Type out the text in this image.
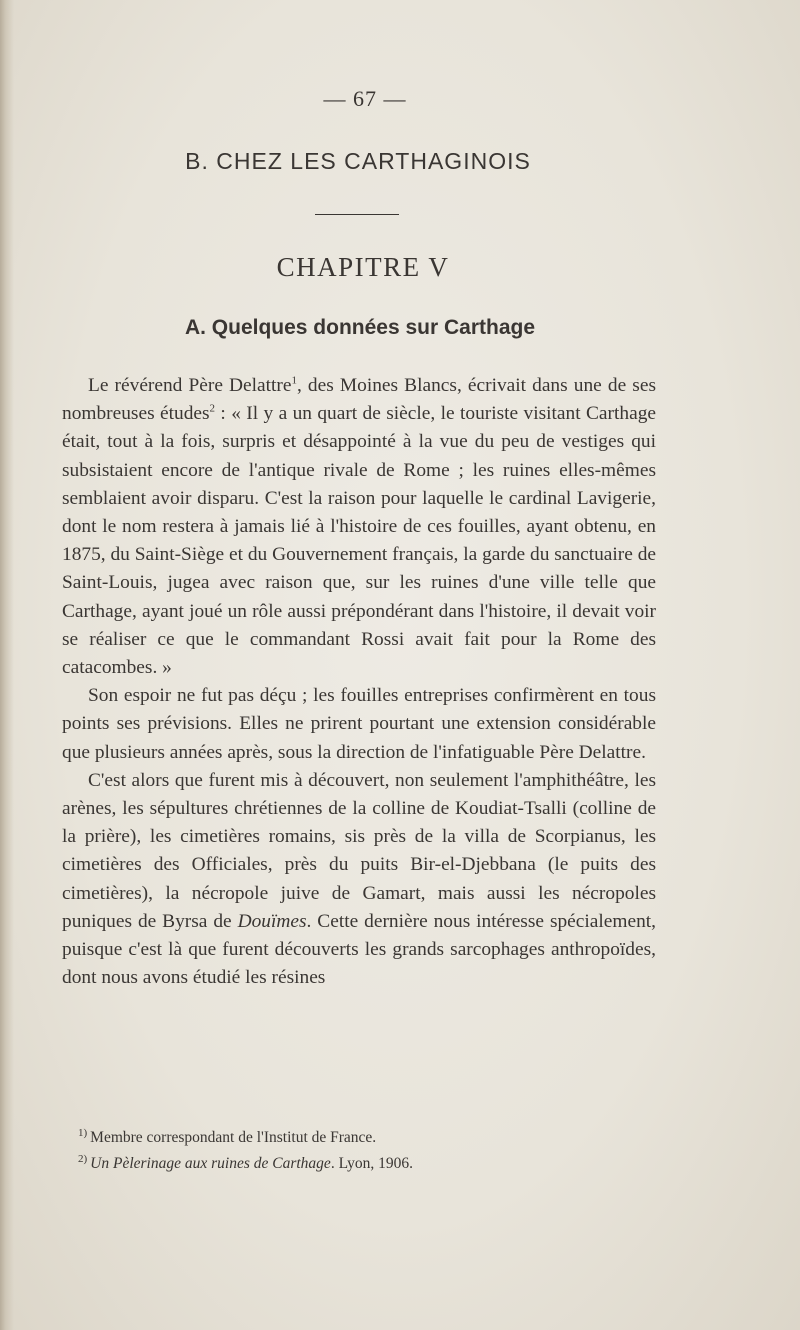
— 67 —
B. CHEZ LES CARTHAGINOIS
CHAPITRE V
A. Quelques données sur Carthage

Le révérend Père Delattre$^1$, des Moines Blancs, écrivait dans une de ses nombreuses études$^2$ : « Il y a un quart de siècle, le touriste visitant Carthage était, tout à la fois, surpris et désappointé à la vue du peu de vestiges qui subsistaient encore de l'antique rivale de Rome ; les ruines elles-mêmes semblaient avoir disparu. C'est la raison pour laquelle le cardinal Lavigerie, dont le nom restera à jamais lié à l'histoire de ces fouilles, ayant obtenu, en 1875, du Saint-Siège et du Gouvernement français, la garde du sanctuaire de Saint-Louis, jugea avec raison que, sur les ruines d'une ville telle que Carthage, ayant joué un rôle aussi prépondérant dans l'histoire, il devait voir se réaliser ce que le commandant Rossi avait fait pour la Rome des catacombes. »

Son espoir ne fut pas déçu ; les fouilles entreprises confirmèrent en tous points ses prévisions. Elles ne prirent pourtant une extension considérable que plusieurs années après, sous la direction de l'infatiguable Père Delattre.

C'est alors que furent mis à découvert, non seulement l'amphithéâtre, les arènes, les sépultures chrétiennes de la colline de Koudiat-Tsalli (colline de la prière), les cimetières romains, sis près de la villa de Scorpianus, les cimetières des Officiales, près du puits Bir-el-Djebbana (le puits des cimetières), la nécropole juive de Gamart, mais aussi les nécropoles puniques de Byrsa de Douïmes. Cette dernière nous intéresse spécialement, puisque c'est là que furent découverts les grands sarcophages anthropoïdes, dont nous avons étudié les résines

$^{1)}$ Membre correspondant de l'Institut de France.

$^{2)}$ Un Pèlerinage aux ruines de Carthage. Lyon, 1906.
